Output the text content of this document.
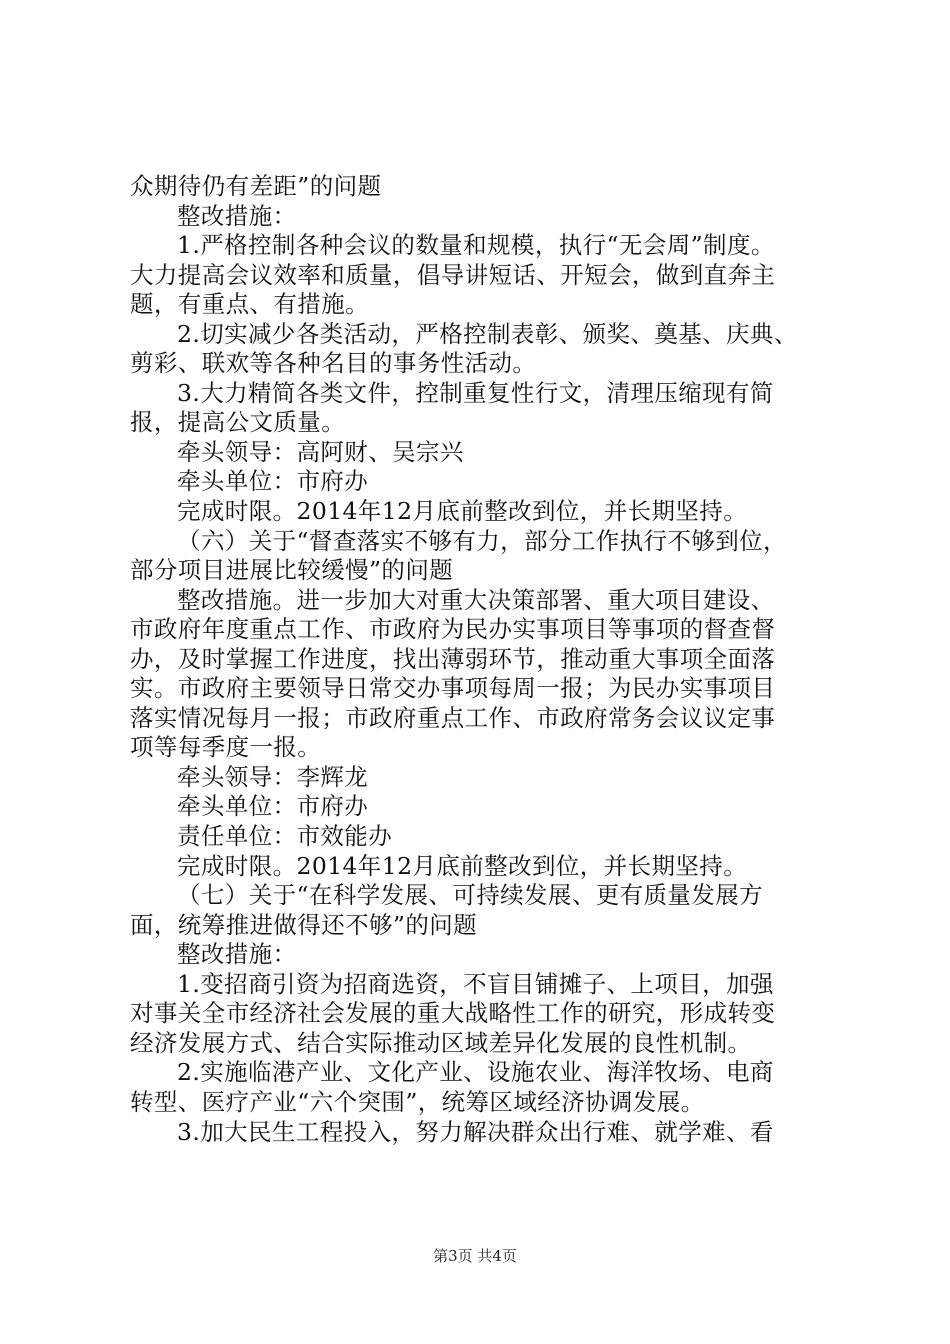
众期待仍有差距”的问题
整改措施：
1.严格控制各种会议的数量和规模，执行“无会周”制度。
大力提高会议效率和质量，倡导讲短话、开短会，做到直奔主
题，有重点、有措施。
2.切实减少各类活动，严格控制表彰、颁奖、奠基、庆典、
剪彩、联欢等各种名目的事务性活动。
3.大力精简各类文件，控制重复性行文，清理压缩现有简
报，提高公文质量。
牵头领导：高阿财、吴宗兴
牵头单位：市府办
完成时限。2014年12月底前整改到位，并长期坚持。
（六）关于“督查落实不够有力，部分工作执行不够到位，
部分项目进展比较缓慢”的问题
整改措施。进一步加大对重大决策部署、重大项目建设、
市政府年度重点工作、市政府为民办实事项目等事项的督查督
办，及时掌握工作进度，找出薄弱环节，推动重大事项全面落
实。市政府主要领导日常交办事项每周一报；为民办实事项目
落实情况每月一报；市政府重点工作、市政府常务会议议定事
项等每季度一报。
牵头领导：李辉龙
牵头单位：市府办
责任单位：市效能办
完成时限。2014年12月底前整改到位，并长期坚持。
（七）关于“在科学发展、可持续发展、更有质量发展方
面，统筹推进做得还不够”的问题
整改措施：
1.变招商引资为招商选资，不盲目铺摊子、上项目，加强
对事关全市经济社会发展的重大战略性工作的研究，形成转变
经济发展方式、结合实际推动区域差异化发展的良性机制。
2.实施临港产业、文化产业、设施农业、海洋牧场、电商
转型、医疗产业“六个突围”，统筹区域经济协调发展。
3.加大民生工程投入，努力解决群众出行难、就学难、看
第3页 共4页
